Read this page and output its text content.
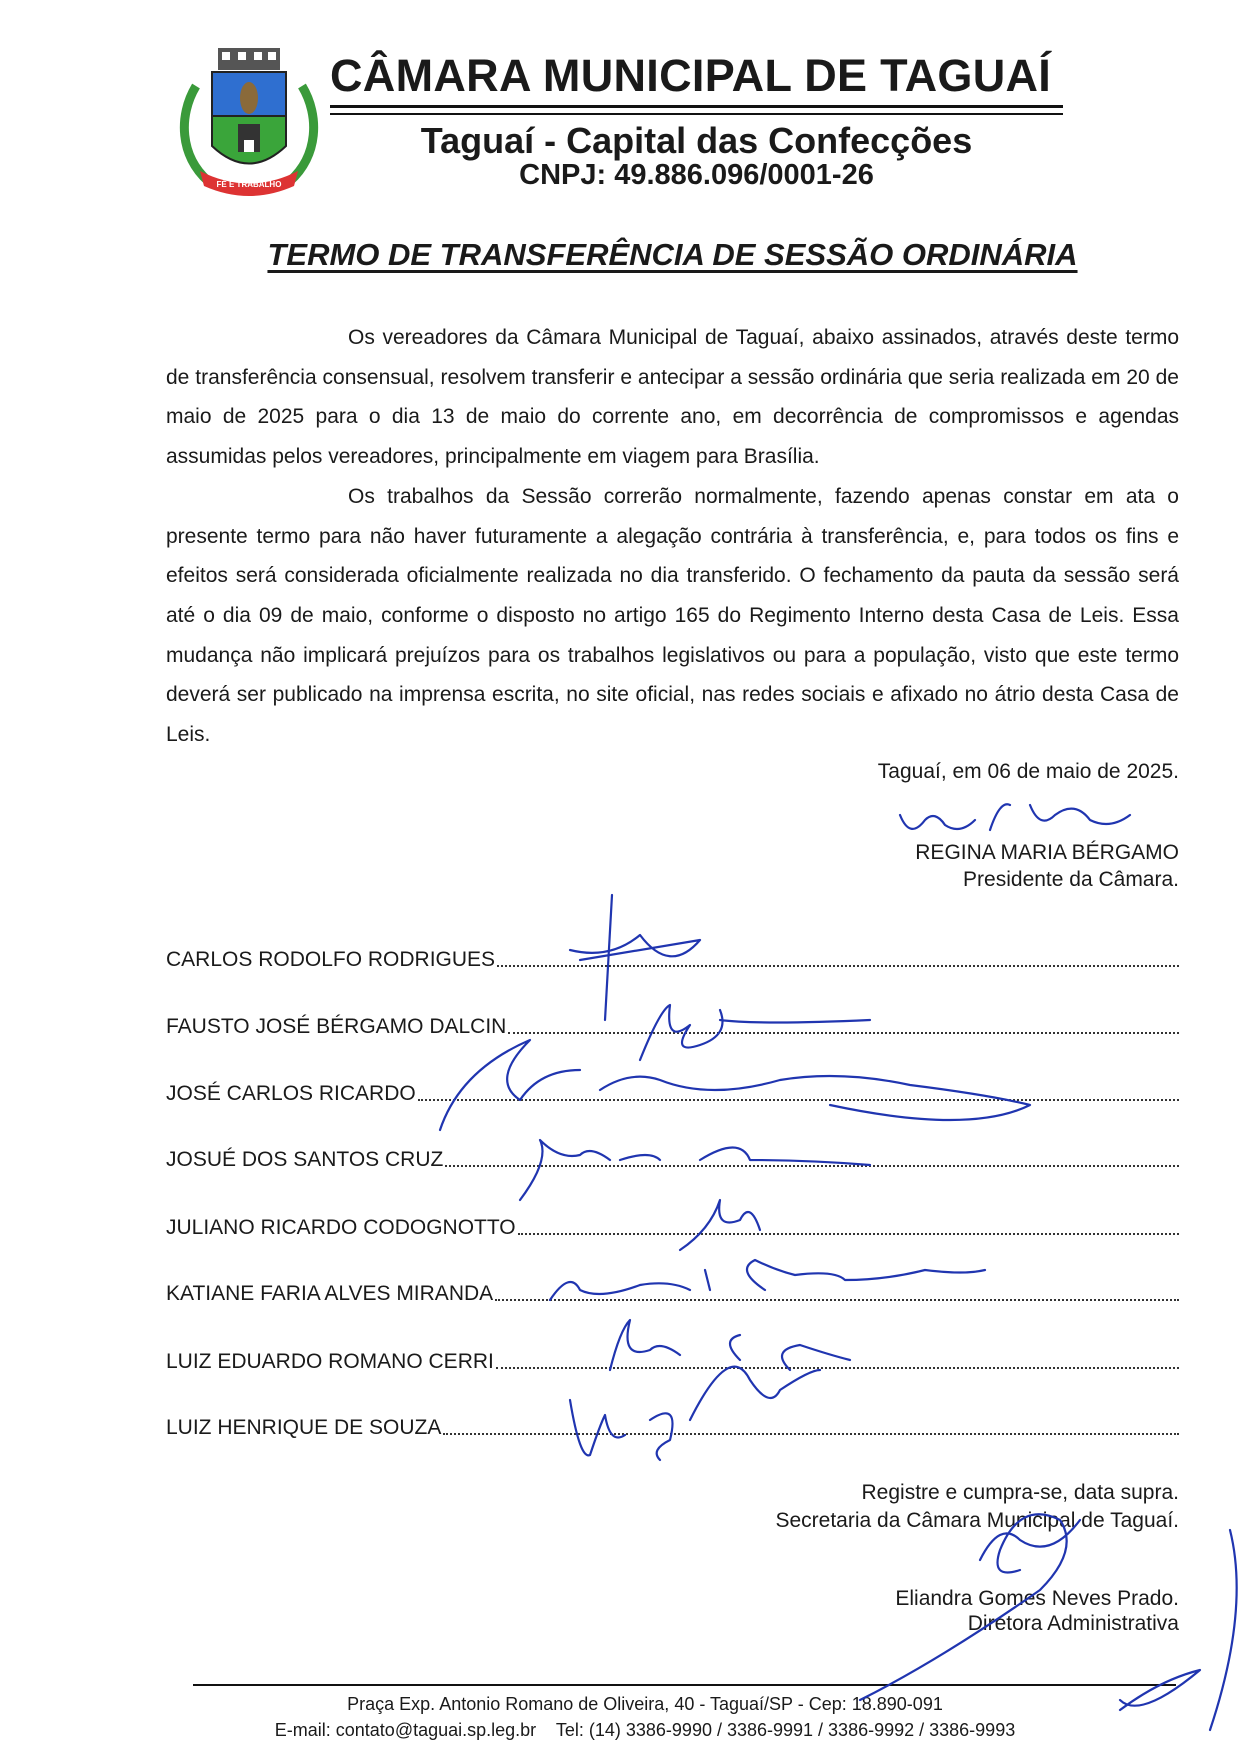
FÉ E TRABALHO
CÂMARA MUNICIPAL DE TAGUAÍ
Taguaí - Capital das Confecções
CNPJ: 49.886.096/0001-26
TERMO DE TRANSFERÊNCIA DE SESSÃO ORDINÁRIA

Os vereadores da Câmara Municipal de Taguaí, abaixo assinados, através deste termo de transferência consensual, resolvem transferir e antecipar a sessão ordinária que seria realizada em 20 de maio de 2025 para o dia 13 de maio do corrente ano, em decorrência de compromissos e agendas assumidas pelos vereadores, principalmente em viagem para Brasília.

Os trabalhos da Sessão correrão normalmente, fazendo apenas constar em ata o presente termo para não haver futuramente a alegação contrária à transferência, e, para todos os fins e efeitos será considerada oficialmente realizada no dia transferido. O fechamento da pauta da sessão será até o dia 09 de maio, conforme o disposto no artigo 165 do Regimento Interno desta Casa de Leis. Essa mudança não implicará prejuízos para os trabalhos legislativos ou para a população, visto que este termo deverá ser publicado na imprensa escrita, no site oficial, nas redes sociais e afixado no átrio desta Casa de Leis.

Taguaí, em 06 de maio de 2025.
REGINA MARIA BÉRGAMO
Presidente da Câmara.
CARLOS RODOLFO RODRIGUES
FAUSTO JOSÉ BÉRGAMO DALCIN
JOSÉ CARLOS RICARDO
JOSUÉ DOS SANTOS CRUZ
JULIANO RICARDO CODOGNOTTO
KATIANE FARIA ALVES MIRANDA
LUIZ EDUARDO ROMANO CERRI
LUIZ HENRIQUE DE SOUZA
Registre e cumpra-se, data supra.
Secretaria da Câmara Municipal de Taguaí.
Eliandra Gomes Neves Prado.
Diretora Administrativa
Praça Exp. Antonio Romano de Oliveira, 40 - Taguaí/SP - Cep: 18.890-091
E-mail: contato@taguai.sp.leg.br Tel: (14) 3386-9990 / 3386-9991 / 3386-9992 / 3386-9993
